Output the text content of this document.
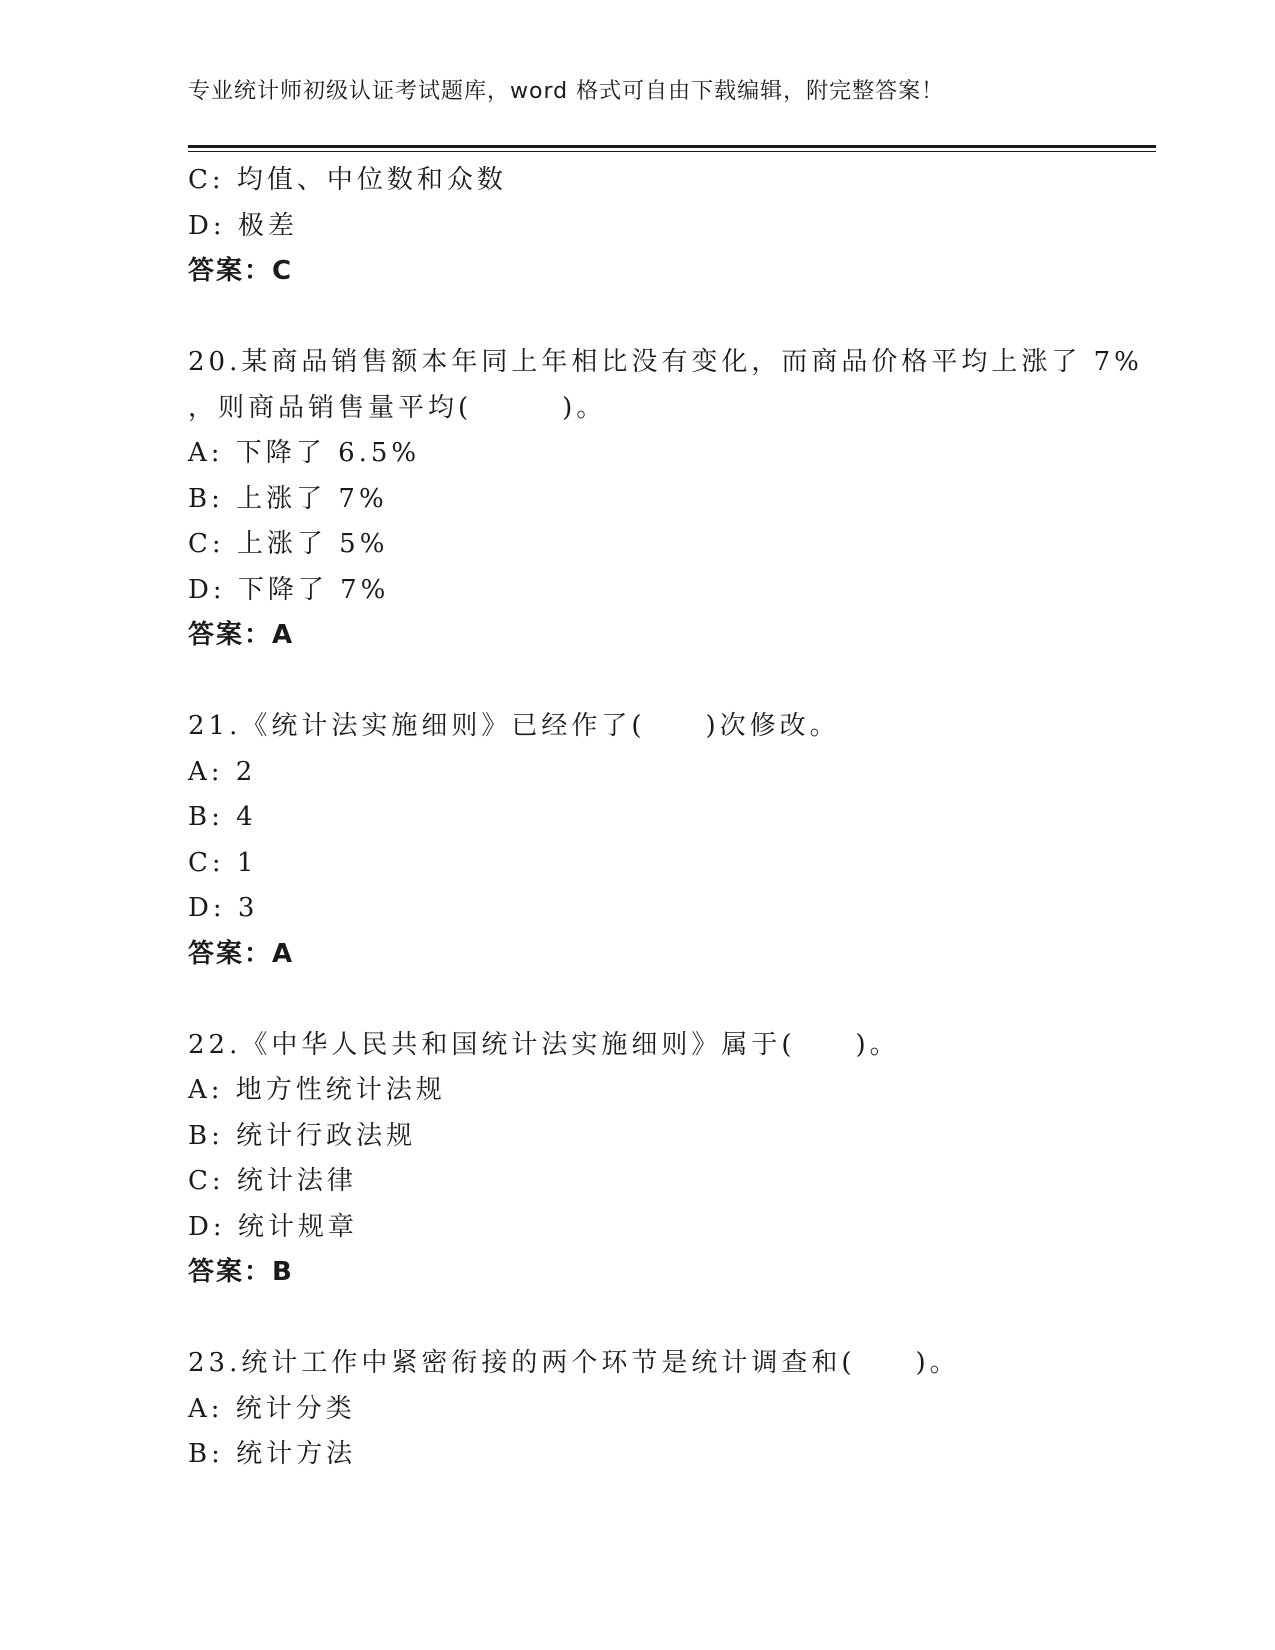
专业统计师初级认证考试题库，word 格式可自由下载编辑，附完整答案！
C: 均值、中位数和众数
D: 极差
答案：C
20.某商品销售额本年同上年相比没有变化，而商品价格平均上涨了 7%
，则商品销售量平均(　　　)。
A: 下降了 6.5%
B: 上涨了 7%
C: 上涨了 5%
D: 下降了 7%
答案：A
21.《统计法实施细则》已经作了(　　)次修改。
A: 2
B: 4
C: 1
D: 3
答案：A
22.《中华人民共和国统计法实施细则》属于(　　)。
A: 地方性统计法规
B: 统计行政法规
C: 统计法律
D: 统计规章
答案：B
23.统计工作中紧密衔接的两个环节是统计调查和(　　)。
A: 统计分类
B: 统计方法
